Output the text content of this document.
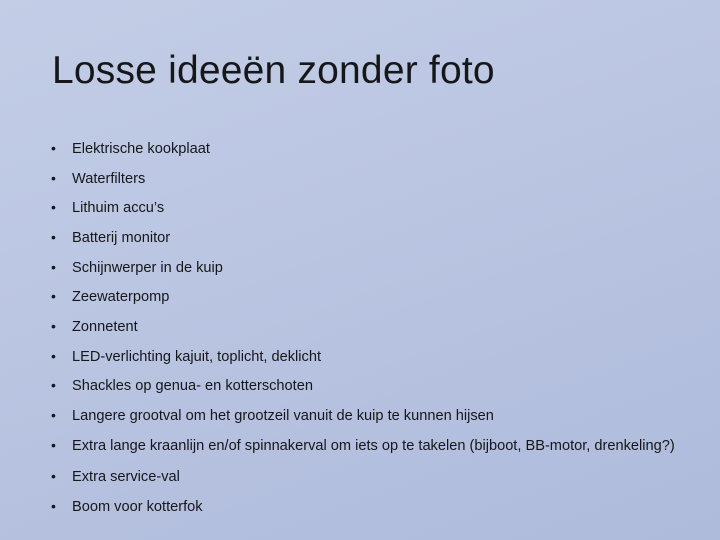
Losse ideeën zonder foto
• Elektrische kookplaat
• Waterfilters
• Lithuim accu’s
• Batterij monitor
• Schijnwerper in de kuip
• Zeewaterpomp
• Zonnetent
• LED-verlichting kajuit, toplicht, deklicht
• Shackles op genua- en kotterschoten
• Langere grootval om het grootzeil vanuit de kuip te kunnen hijsen
• Extra lange kraanlijn en/of spinnakerval om iets op te takelen (bijboot, BB-motor, drenkeling?)
• Extra service-val
• Boom voor kotterfok
